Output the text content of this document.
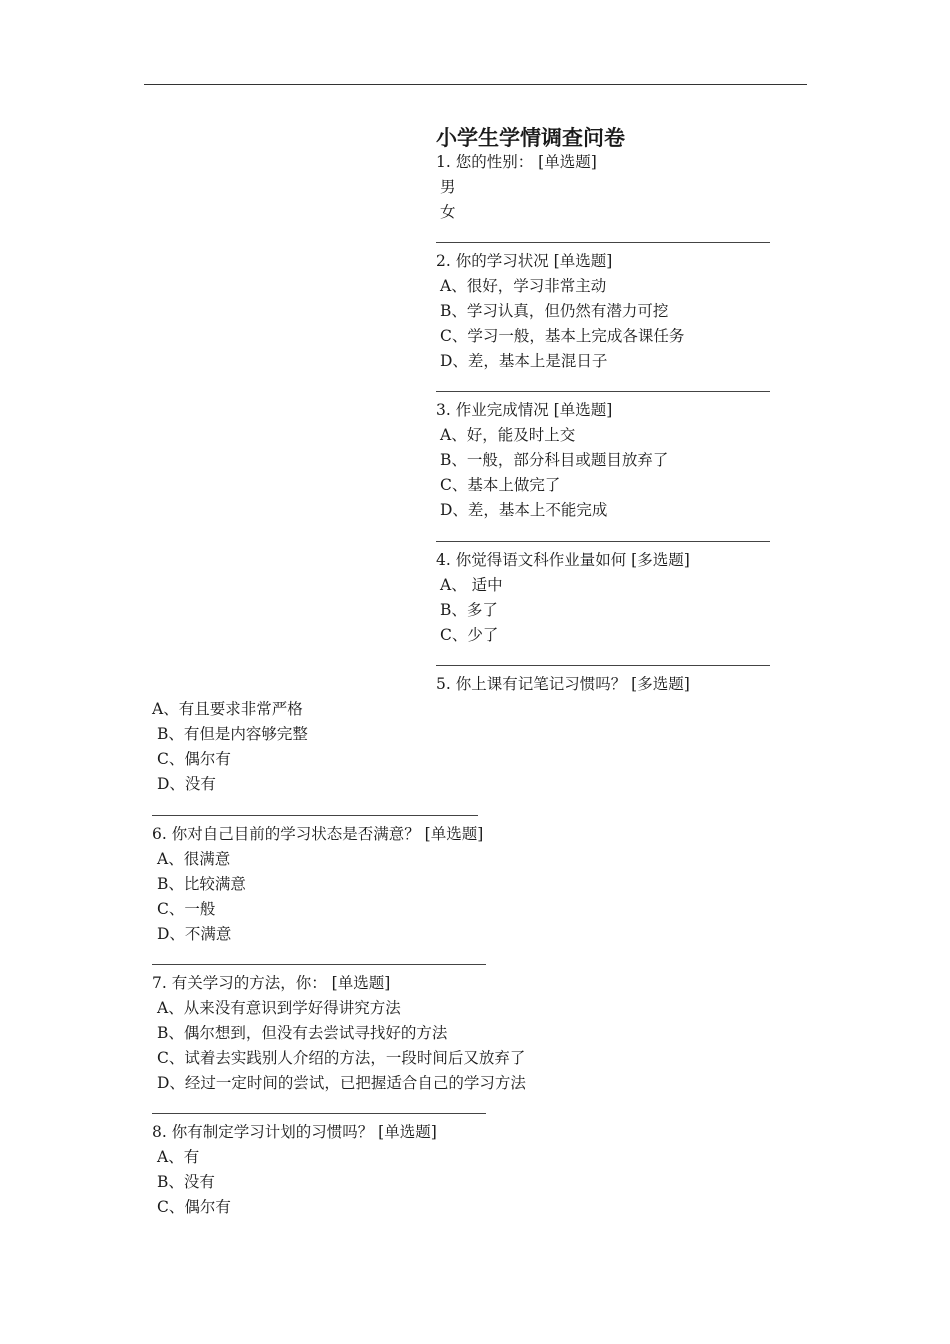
小学生学情调查问卷
1. 您的性别： [单选题]
男
女
2. 你的学习状况 [单选题]
A、很好，学习非常主动
B、学习认真，但仍然有潜力可挖
C、学习一般，基本上完成各课任务
D、差，基本上是混日子
3. 作业完成情况 [单选题]
A、好，能及时上交
B、一般，部分科目或题目放弃了
C、基本上做完了
D、差，基本上不能完成
4. 你觉得语文科作业量如何 [多选题]
A、 适中
B、多了
C、少了
5. 你上课有记笔记习惯吗？ [多选题]
A、有且要求非常严格
B、有但是内容够完整
C、偶尔有
D、没有
6. 你对自己目前的学习状态是否满意？ [单选题]
A、很满意
B、比较满意
C、一般
D、不满意
7. 有关学习的方法，你： [单选题]
A、从来没有意识到学好得讲究方法
B、偶尔想到，但没有去尝试寻找好的方法
C、试着去实践别人介绍的方法，一段时间后又放弃了
D、经过一定时间的尝试，已把握适合自己的学习方法
8. 你有制定学习计划的习惯吗？ [单选题]
A、有
B、没有
C、偶尔有
